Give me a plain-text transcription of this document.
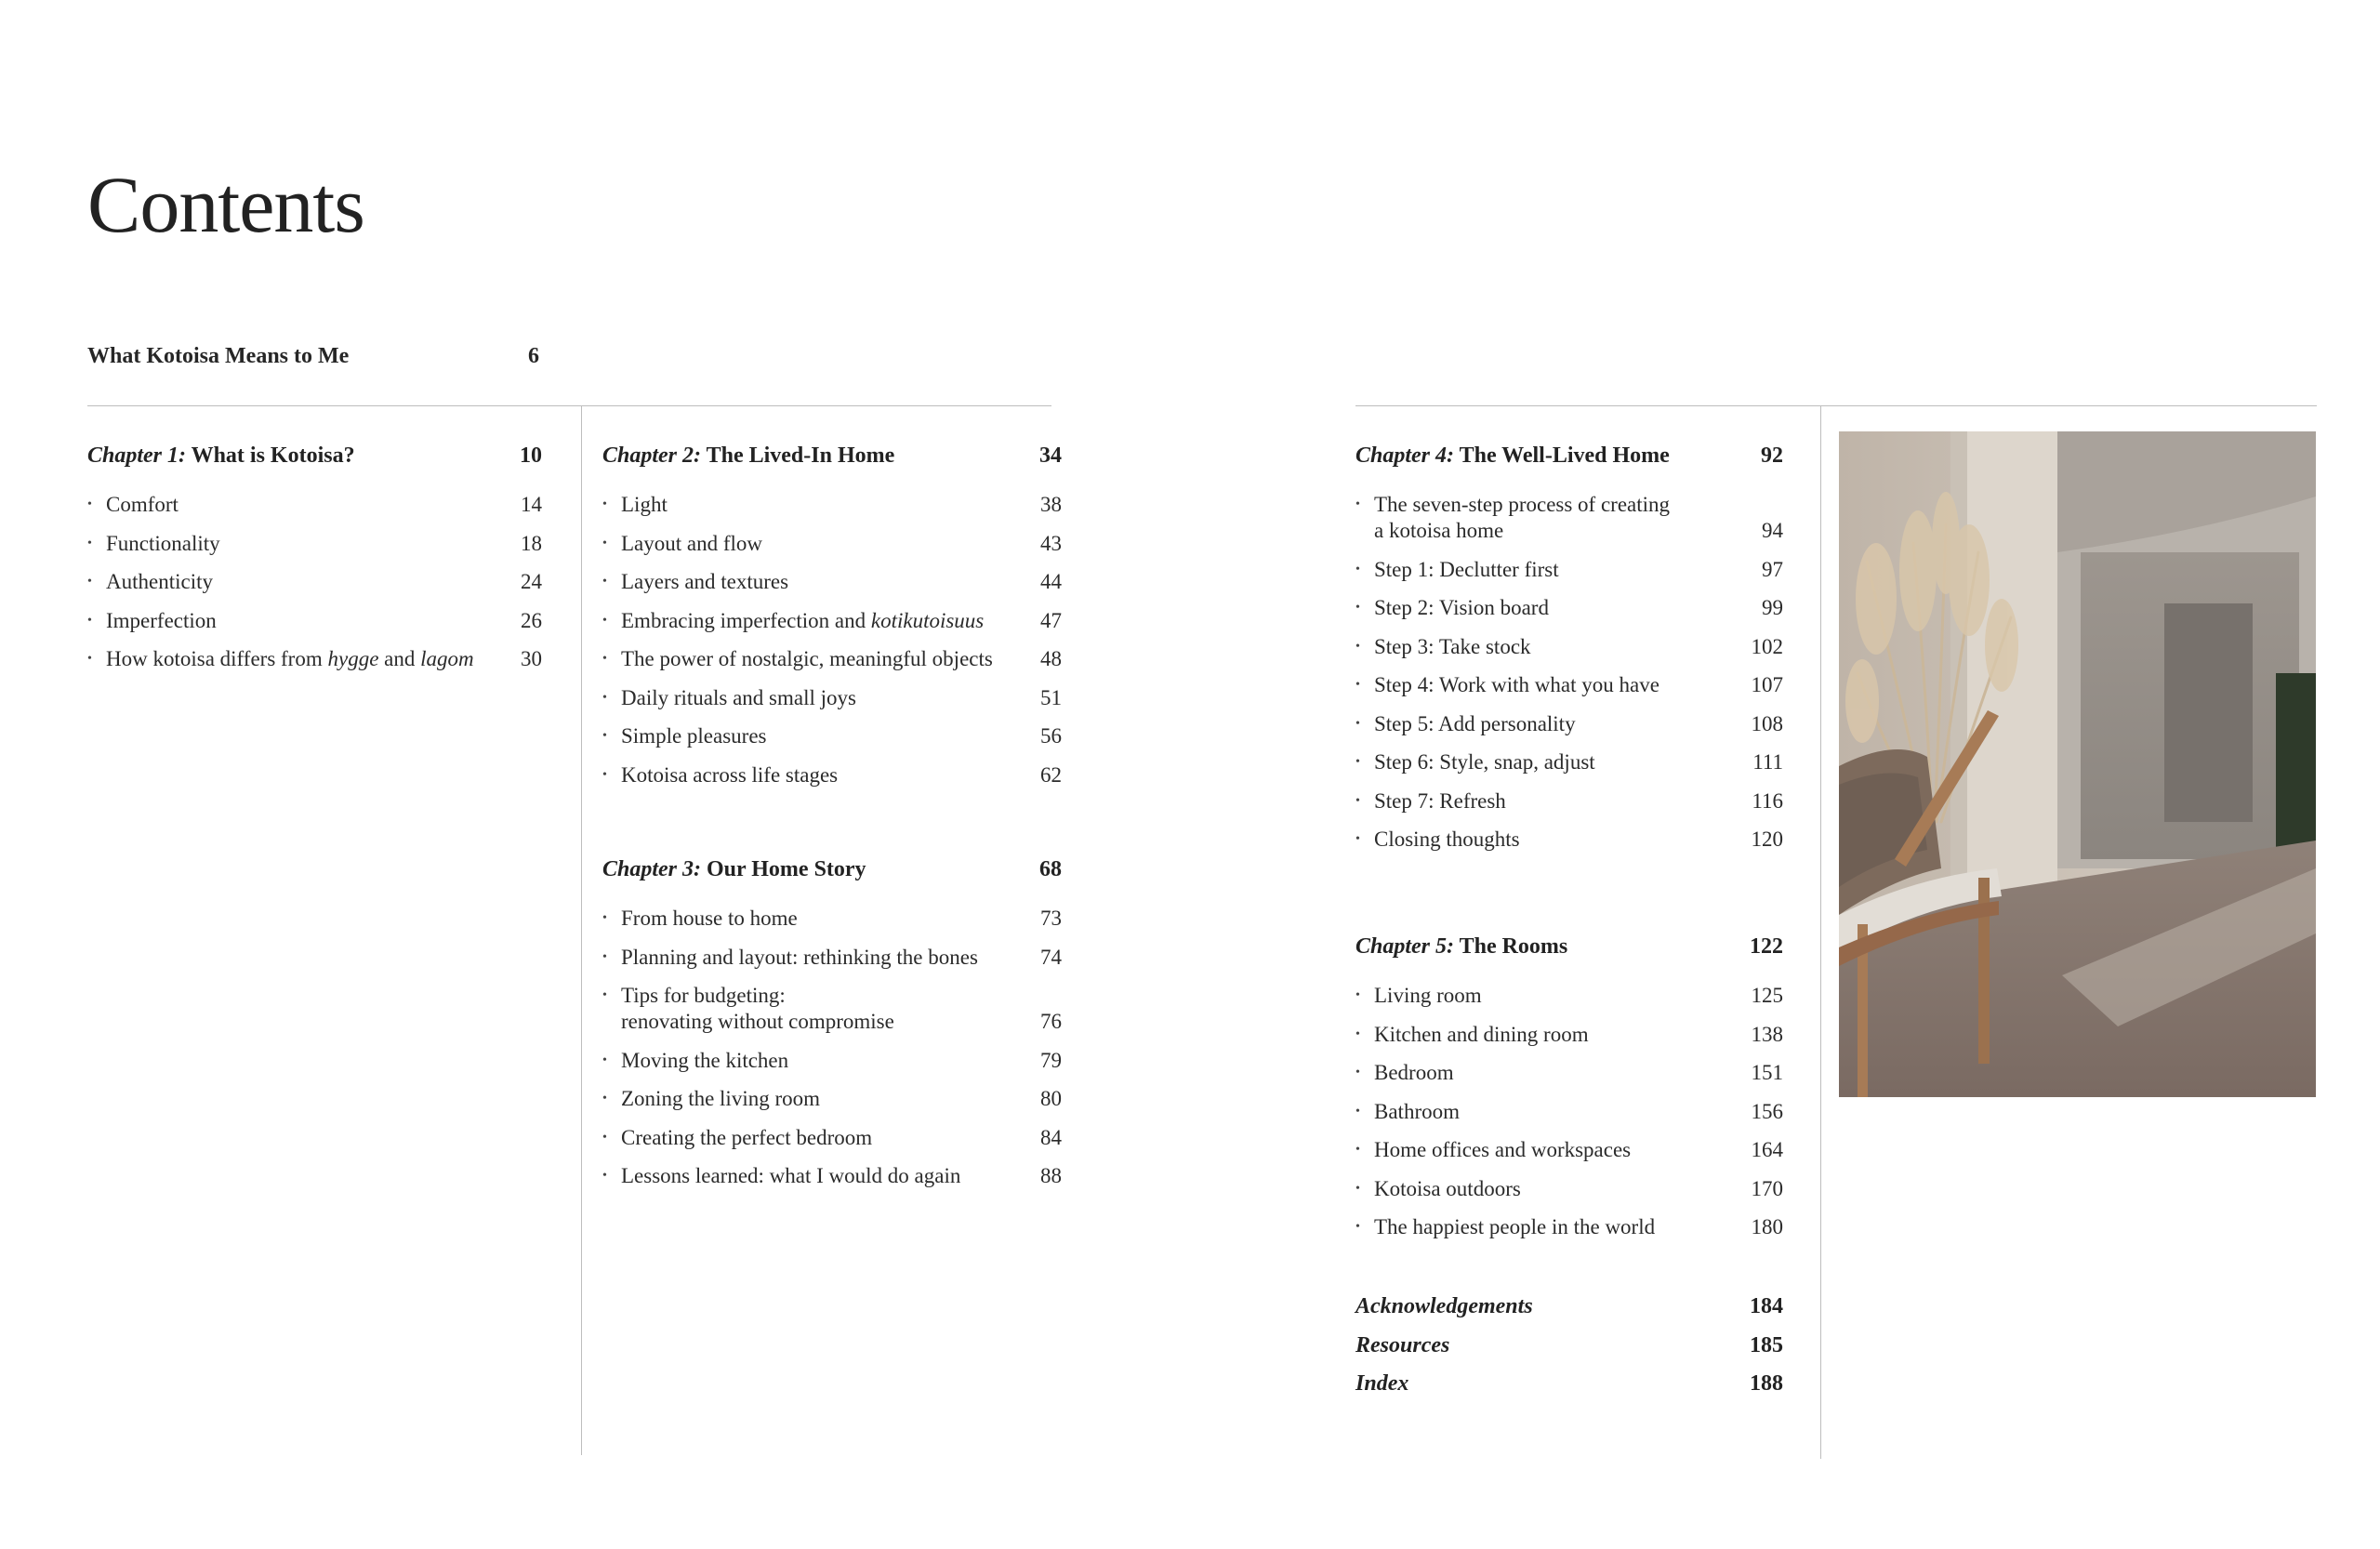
Contents
What Kotoisa Means to Me	6
Chapter 1: What is Kotoisa?	10
• Comfort	14
• Functionality	18
• Authenticity	24
• Imperfection	26
• How kotoisa differs from hygge and lagom	30
Chapter 2: The Lived-In Home	34
• Light	38
• Layout and flow	43
• Layers and textures	44
• Embracing imperfection and kotikutoisuus	47
• The power of nostalgic, meaningful objects	48
• Daily rituals and small joys	51
• Simple pleasures	56
• Kotoisa across life stages	62
Chapter 3: Our Home Story	68
• From house to home	73
• Planning and layout: rethinking the bones	74
• Tips for budgeting:
renovating without compromise	76
• Moving the kitchen	79
• Zoning the living room	80
• Creating the perfect bedroom	84
• Lessons learned: what I would do again	88
Chapter 4: The Well-Lived Home	92
• The seven-step process of creating
a kotoisa home	94
• Step 1: Declutter first	97
• Step 2: Vision board	99
• Step 3: Take stock	102
• Step 4: Work with what you have	107
• Step 5: Add personality	108
• Step 6: Style, snap, adjust	111
• Step 7: Refresh	116
• Closing thoughts	120
Chapter 5: The Rooms	122
• Living room	125
• Kitchen and dining room	138
• Bedroom	151
• Bathroom	156
• Home offices and workspaces	164
• Kotoisa outdoors	170
• The happiest people in the world	180
Acknowledgements	184
Resources	185
Index	188
